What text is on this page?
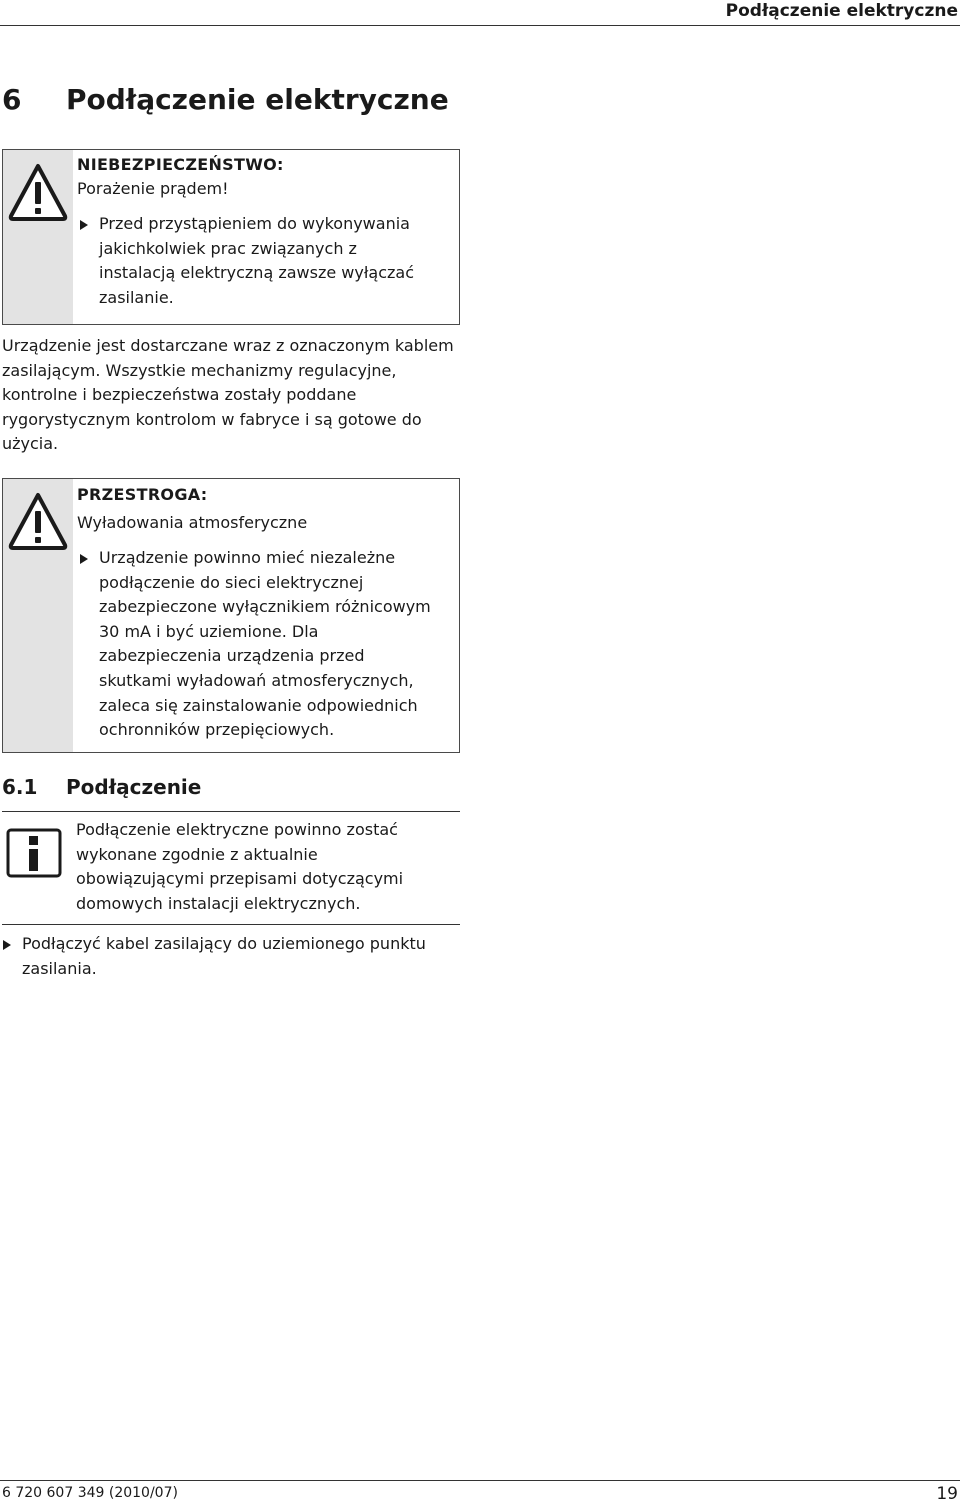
Podłączenie elektryczne
6 Podłączenie elektryczne
NIEBEZPIECZEŃSTWO:
Porażenie prądem!
Przed przystąpieniem do wykonywania
jakichkolwiek prac związanych z
instalacją elektryczną zawsze wyłączać
zasilanie.
Urządzenie jest dostarczane wraz z oznaczonym kablem
zasilającym. Wszystkie mechanizmy regulacyjne,
kontrolne i bezpieczeństwa zostały poddane
rygorystycznym kontrolom w fabryce i są gotowe do
użycia.
PRZESTROGA:
Wyładowania atmosferyczne
Urządzenie powinno mieć niezależne
podłączenie do sieci elektrycznej
zabezpieczone wyłącznikiem różnicowym
30 mA i być uziemione. Dla
zabezpieczenia urządzenia przed
skutkami wyładowań atmosferycznych,
zaleca się zainstalowanie odpowiednich
ochronników przepięciowych.
6.1 Podłączenie
Podłączenie elektryczne powinno zostać
wykonane zgodnie z aktualnie
obowiązującymi przepisami dotyczącymi
domowych instalacji elektrycznych.
Podłączyć kabel zasilający do uziemionego punktu
zasilania.
6 720 607 349 (2010/07)	19
